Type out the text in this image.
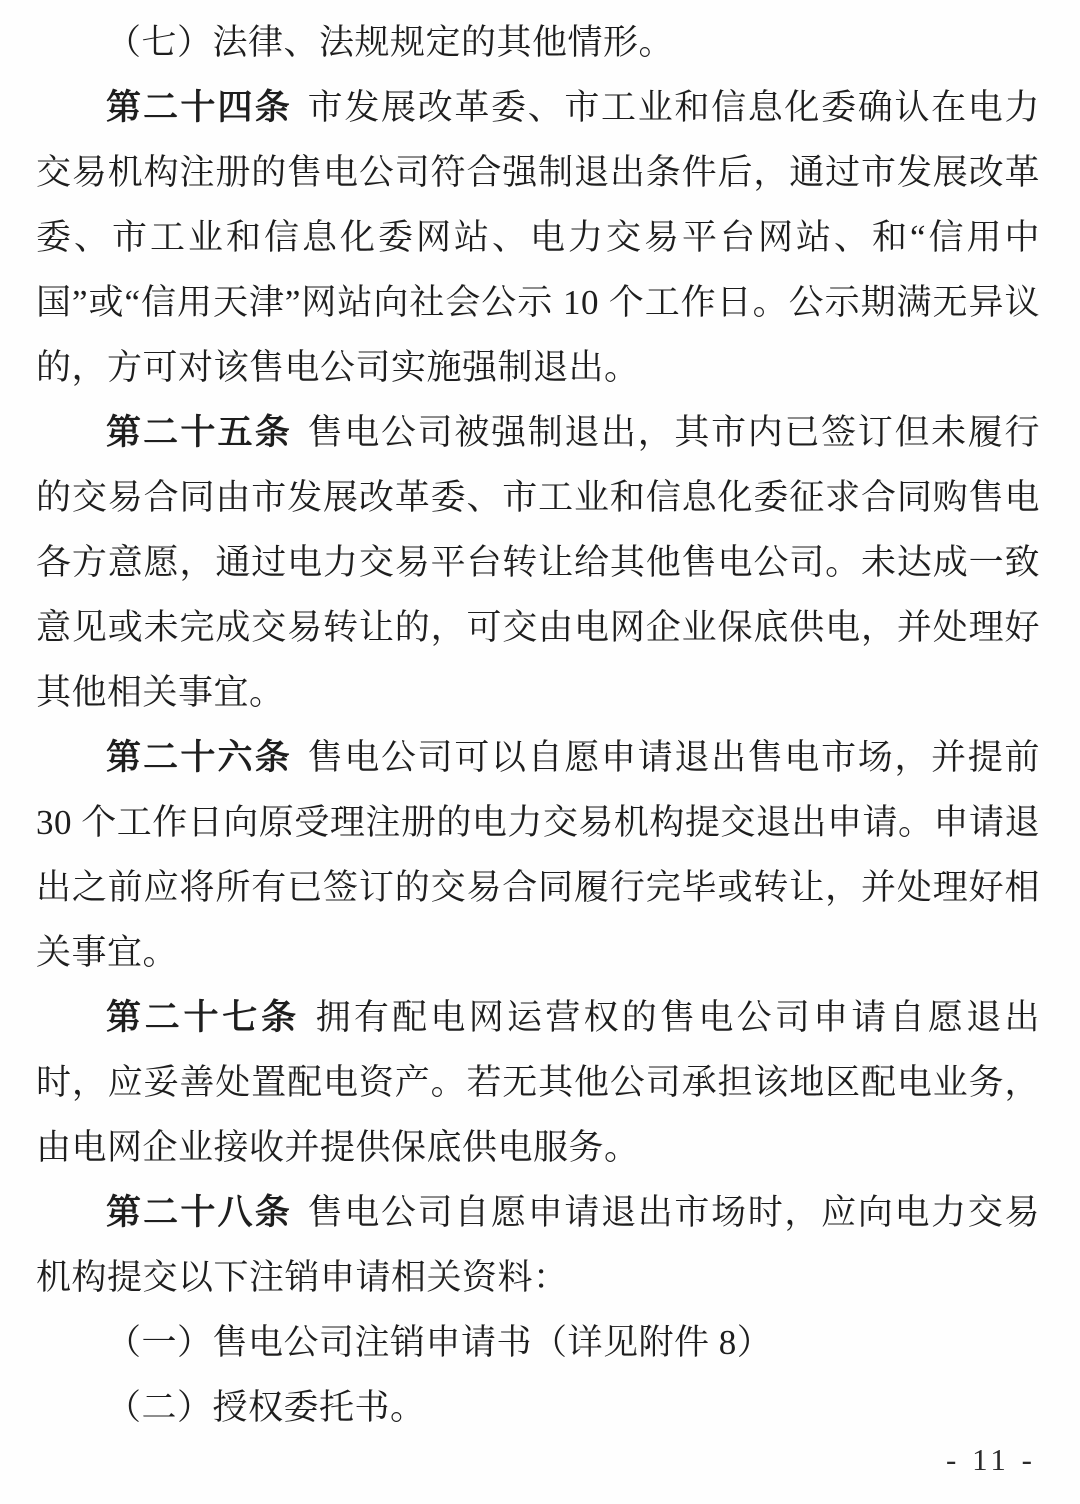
（七）法律、法规规定的其他情形。

第二十四条 市发展改革委、市工业和信息化委确认在电力交易机构注册的售电公司符合强制退出条件后，通过市发展改革委、市工业和信息化委网站、电力交易平台网站、和“信用中国”或“信用天津”网站向社会公示 10 个工作日。公示期满无异议的，方可对该售电公司实施强制退出。

第二十五条 售电公司被强制退出，其市内已签订但未履行的交易合同由市发展改革委、市工业和信息化委征求合同购售电各方意愿，通过电力交易平台转让给其他售电公司。未达成一致意见或未完成交易转让的，可交由电网企业保底供电，并处理好其他相关事宜。

第二十六条 售电公司可以自愿申请退出售电市场，并提前 30 个工作日向原受理注册的电力交易机构提交退出申请。申请退出之前应将所有已签订的交易合同履行完毕或转让，并处理好相关事宜。

第二十七条 拥有配电网运营权的售电公司申请自愿退出时，应妥善处置配电资产。若无其他公司承担该地区配电业务，由电网企业接收并提供保底供电服务。

第二十八条 售电公司自愿申请退出市场时，应向电力交易机构提交以下注销申请相关资料：

（一）售电公司注销申请书（详见附件 8）

（二）授权委托书。

- 11 -
